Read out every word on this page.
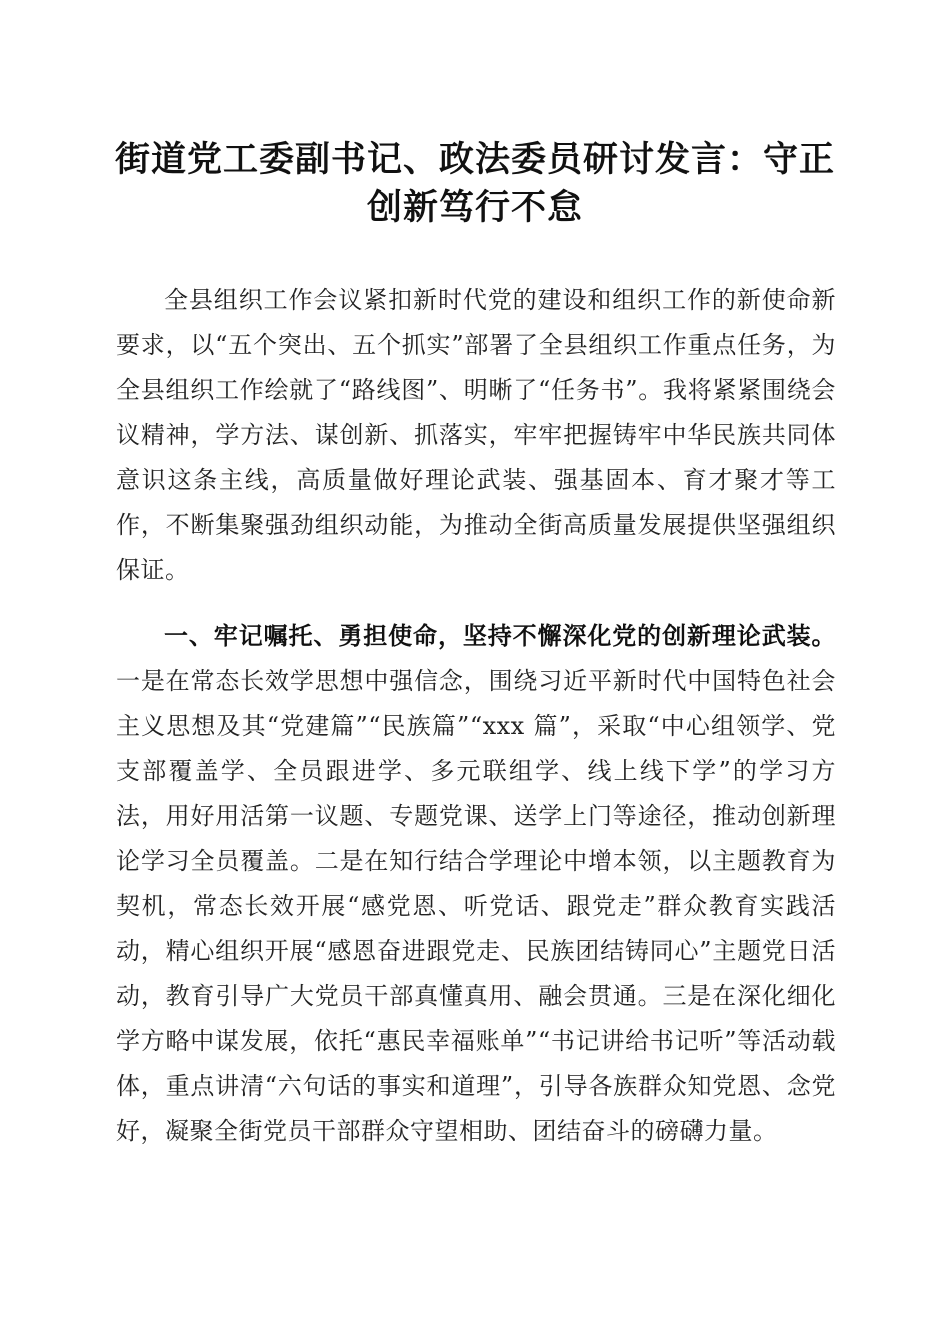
街道党工委副书记、政法委员研讨发言：守正创新笃行不怠

全县组织工作会议紧扣新时代党的建设和组织工作的新使命新要求，以“五个突出、五个抓实”部署了全县组织工作重点任务，为全县组织工作绘就了“路线图”、明晰了“任务书”。我将紧紧围绕会议精神，学方法、谋创新、抓落实，牢牢把握铸牢中华民族共同体意识这条主线，高质量做好理论武装、强基固本、育才聚才等工作，不断集聚强劲组织动能，为推动全街高质量发展提供坚强组织保证。

一、牢记嘱托、勇担使命，坚持不懈深化党的创新理论武装。一是在常态长效学思想中强信念，围绕习近平新时代中国特色社会主义思想及其“党建篇”“民族篇”“xxx 篇”，采取“中心组领学、党支部覆盖学、全员跟进学、多元联组学、线上线下学”的学习方法，用好用活第一议题、专题党课、送学上门等途径，推动创新理论学习全员覆盖。二是在知行结合学理论中增本领，以主题教育为契机，常态长效开展“感党恩、听党话、跟党走”群众教育实践活动，精心组织开展“感恩奋进跟党走、民族团结铸同心”主题党日活动，教育引导广大党员干部真懂真用、融会贯通。三是在深化细化学方略中谋发展，依托“惠民幸福账单”“书记讲给书记听”等活动载体，重点讲清“六句话的事实和道理”，引导各族群众知党恩、念党好，凝聚全街党员干部群众守望相助、团结奋斗的磅礴力量。
